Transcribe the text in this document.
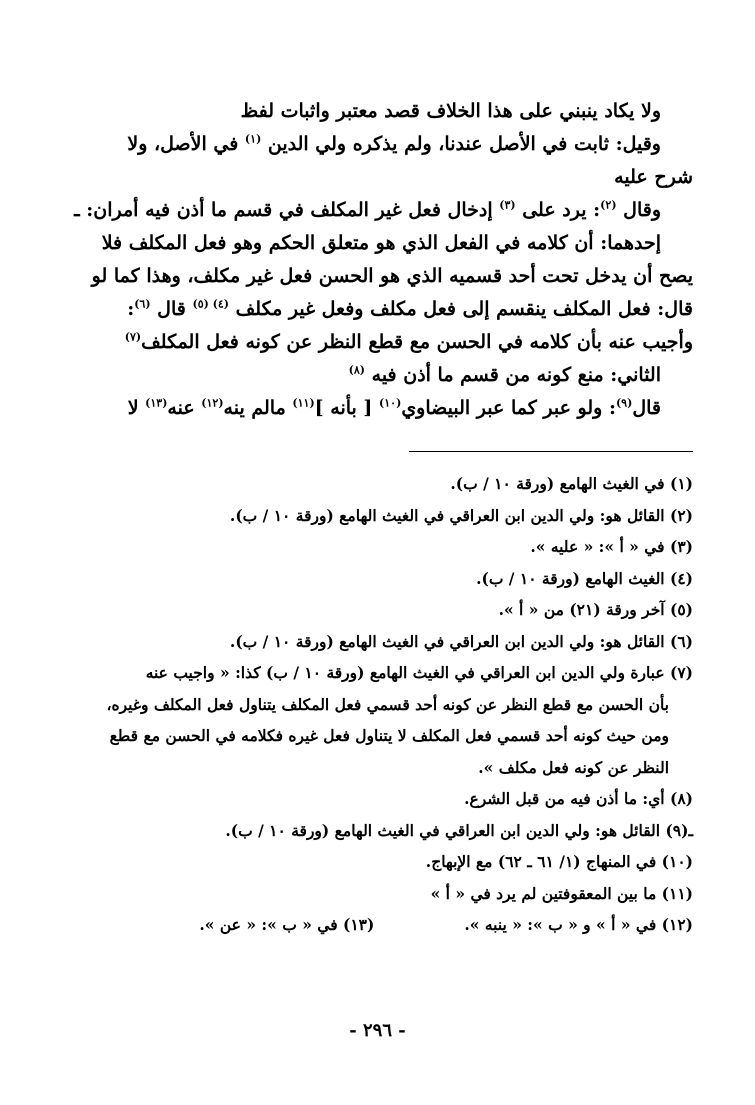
ولا يكاد ينبني على هذا الخلاف قصد معتبر واثبات لفظ

وقيل: ثابت في الأصل عندنا، ولم يذكره ولي الدين $^{(١)}$ في الأصل، ولا

شرح عليه

وقال $^{(٢)}$: يرد على $^{(٣)}$ إدخال فعل غير المكلف في قسم ما أذن فيه أمران: ـ

إحدهما: أن كلامه في الفعل الذي هو متعلق الحكم وهو فعل المكلف فلا

يصح أن يدخل تحت أحد قسميه الذي هو الحسن فعل غير مكلف، وهذا كما لو

قال: فعل المكلف ينقسم إلى فعل مكلف وفعل غير مكلف $^{(٤)}$ $^{(٥)}$ قال $^{(٦)}$:

وأجيب عنه بأن كلامه في الحسن مع قطع النظر عن كونه فعل المكلف$^{(٧)}$

الثاني: منع كونه من قسم ما أذن فيه $^{(٨)}$

قال$^{(٩)}$: ولو عبر كما عبر البيضاوي$^{(١٠)}$ [ بأنه ]$^{(١١)}$ مالم ينه$^{(١٢)}$ عنه$^{(١٣)}$ لا

(١) في الغيث الهامع (ورقة ١٠ / ب).

(٢) القائل هو: ولي الدين ابن العراقي في الغيث الهامع (ورقة ١٠ / ب).

(٣) في « أ »: « عليه ».

(٤) الغيث الهامع (ورقة ١٠ / ب).

(٥) آخر ورقة (٢١) من « أ ».

(٦) القائل هو: ولي الدين ابن العراقي في الغيث الهامع (ورقة ١٠ / ب).

(٧) عبارة ولي الدين ابن العراقي في الغيث الهامع (ورقة ١٠ / ب) كذا: « واجيب عنه

بأن الحسن مع قطع النظر عن كونه أحد قسمي فعل المكلف يتناول فعل المكلف وغيره،

ومن حيث كونه أحد قسمي فعل المكلف لا يتناول فعل غيره فكلامه في الحسن مع قطع

النظر عن كونه فعل مكلف ».

(٨) أي: ما أذن فيه من قبل الشرع.

ـ(٩) القائل هو: ولي الدين ابن العراقي في الغيث الهامع (ورقة ١٠ / ب).

(١٠) في المنهاج (١/ ٦١ ـ ٦٢) مع الإبهاج.

(١١) ما بين المعقوفتين لم يرد في « أ »

(١٢) في « أ » و « ب »: « ينبه ».
(١٣) في « ب »: « عن ».
- ٢٩٦ -
